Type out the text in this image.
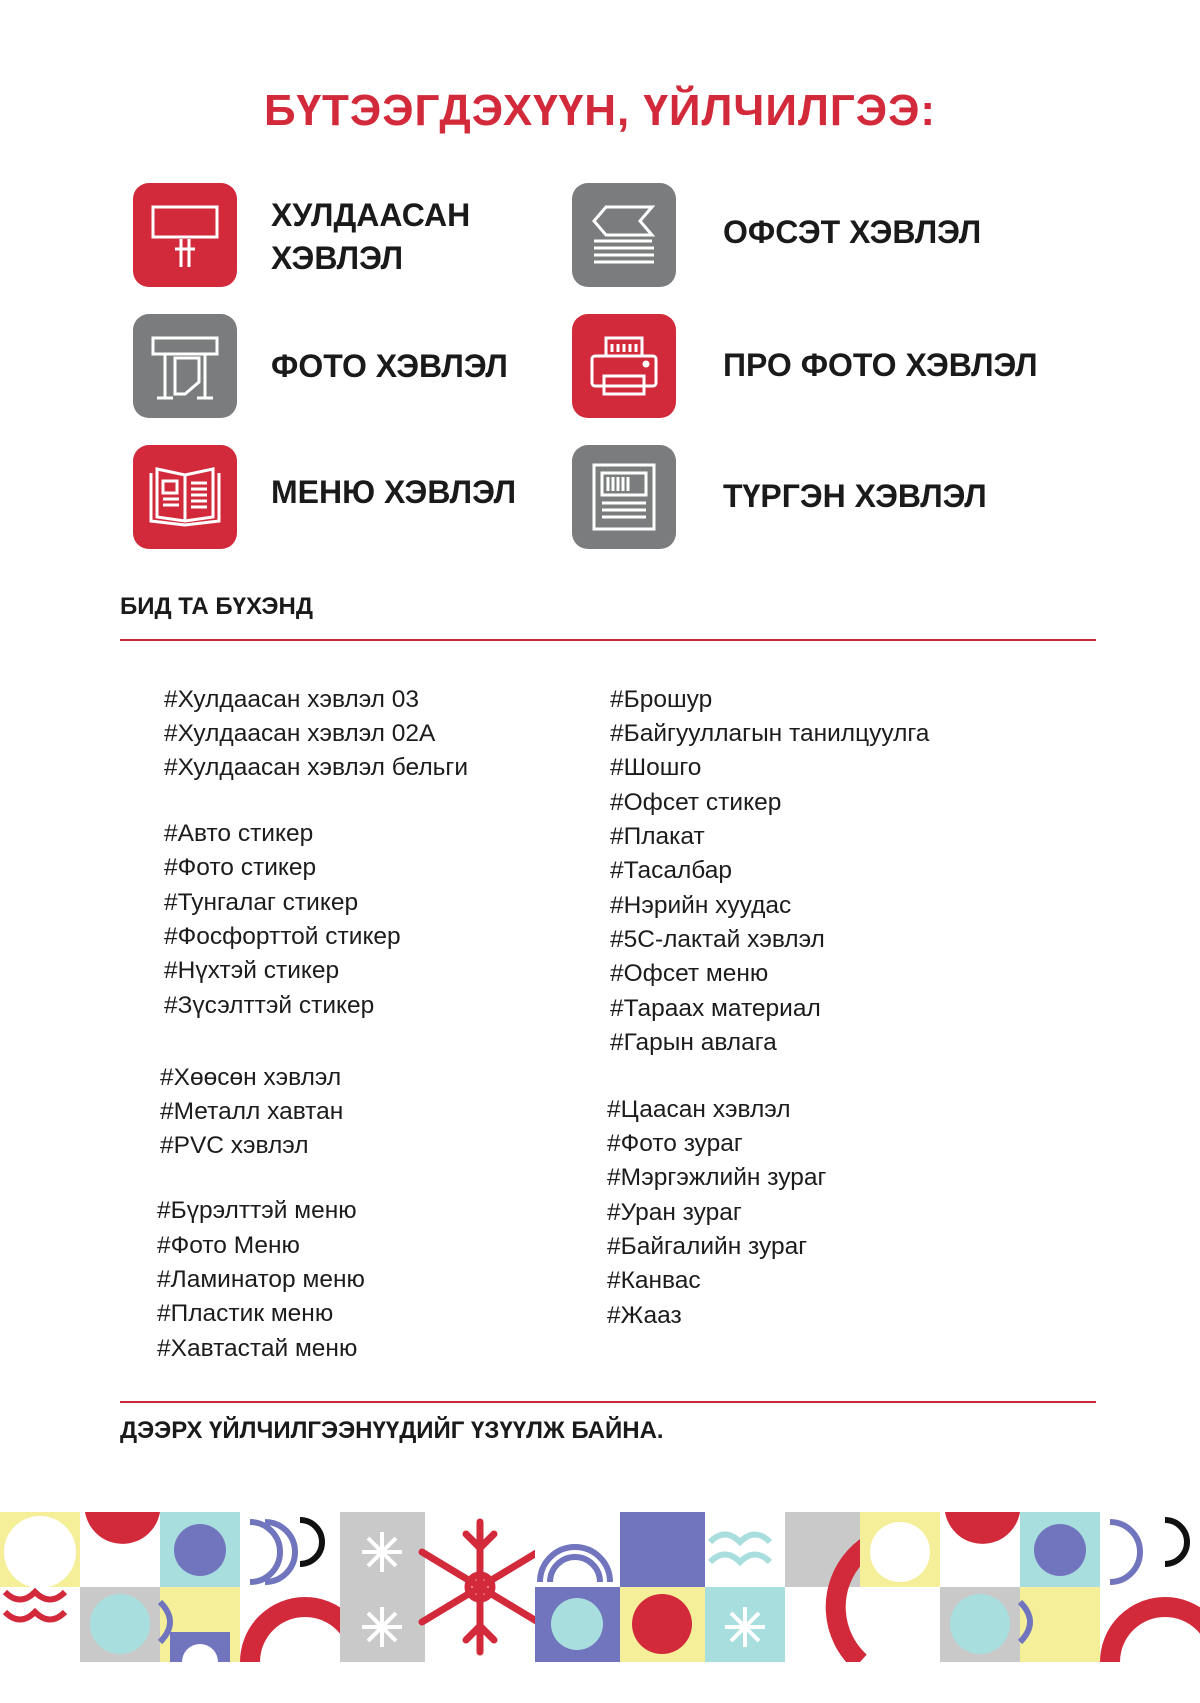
БҮТЭЭГДЭХҮҮН, ҮЙЛЧИЛГЭЭ:
ХУЛДААСАН
ХЭВЛЭЛ
ОФСЭТ ХЭВЛЭЛ
ФОТО ХЭВЛЭЛ	ПРО ФОТО ХЭВЛЭЛ
МЕНЮ ХЭВЛЭЛ	ТҮРГЭН ХЭВЛЭЛ
БИД ТА БҮХЭНД
#Хулдаасан хэвлэл 03
#Хулдаасан хэвлэл 02А
#Хулдаасан хэвлэл бельги
#Авто стикер
#Фото стикер
#Тунгалаг стикер
#Фосфорттой стикер
#Нүхтэй стикер
#Зүсэлттэй стикер
#Хөөсөн хэвлэл
#Металл хавтан
#PVC хэвлэл
#Бүрэлттэй меню
#Фото Меню
#Ламинатор меню
#Пластик меню
#Хавтастай меню
#Брошур
#Байгууллагын танилцуулга
#Шошго
#Офсет стикер
#Плакат
#Тасалбар
#Нэрийн хуудас
#5С-лактай хэвлэл
#Офсет меню
#Тараах материал
#Гарын авлага
#Цаасан хэвлэл
#Фото зураг
#Мэргэжлийн зураг
#Уран зураг
#Байгалийн зураг
#Канвас
#Жааз
ДЭЭРХ ҮЙЛЧИЛГЭЭНҮҮДИЙГ ҮЗҮҮЛЖ БАЙНА.
